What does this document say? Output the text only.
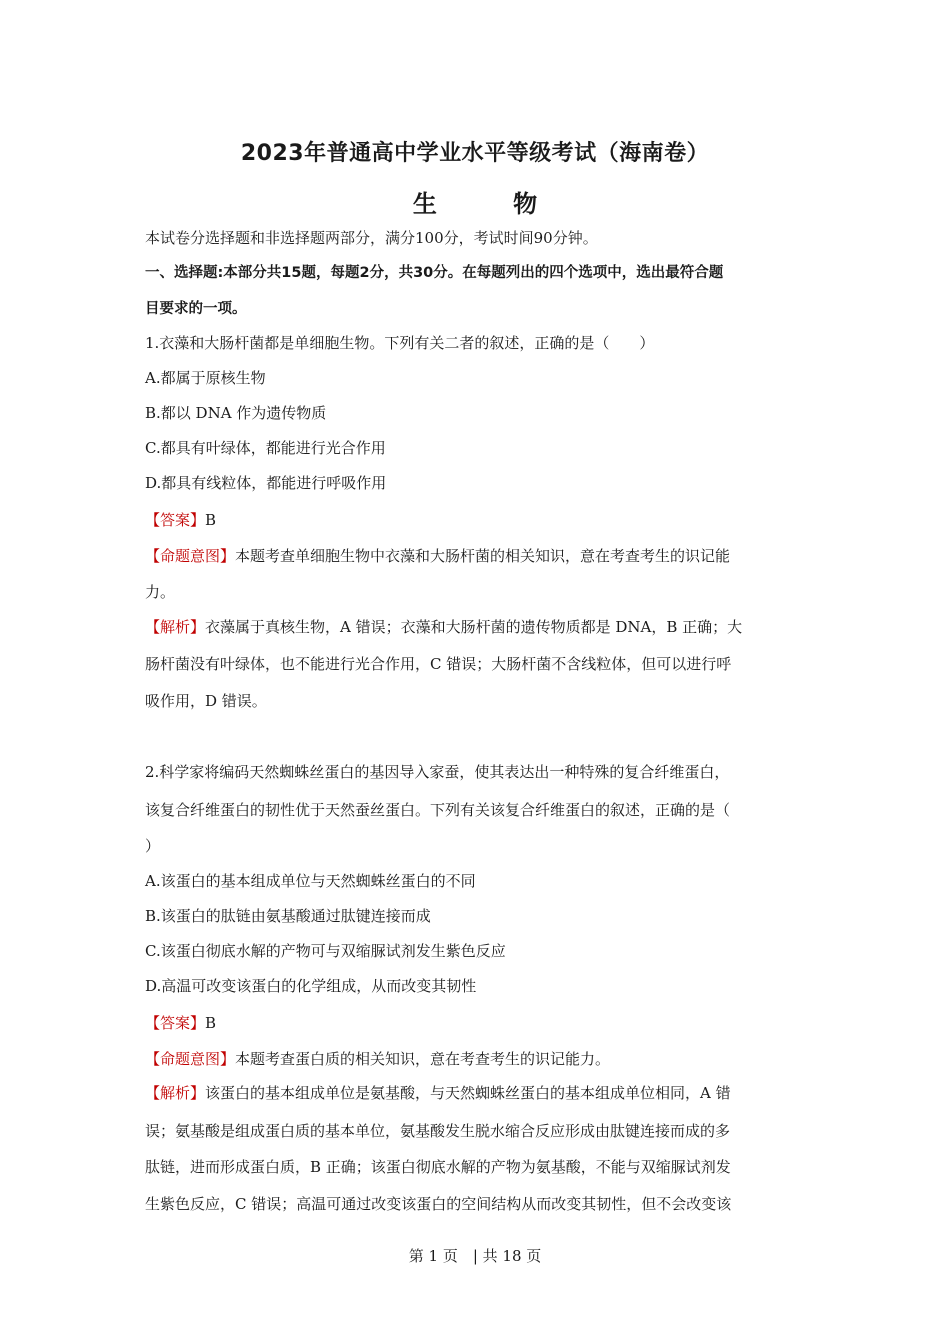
2023年普通高中学业水平等级考试（海南卷）
生 物
本试卷分选择题和非选择题两部分，满分100分，考试时间90分钟。
一、选择题:本部分共15题，每题2分，共30分。在每题列出的四个选项中，选出最符合题
目要求的一项。
1.衣藻和大肠杆菌都是单细胞生物。下列有关二者的叙述，正确的是（　　）
A.都属于原核生物
B.都以 DNA 作为遗传物质
C.都具有叶绿体，都能进行光合作用
D.都具有线粒体，都能进行呼吸作用
【答案】B
【命题意图】本题考查单细胞生物中衣藻和大肠杆菌的相关知识，意在考查考生的识记能
力。
【解析】衣藻属于真核生物，A 错误；衣藻和大肠杆菌的遗传物质都是 DNA，B 正确；大
肠杆菌没有叶绿体，也不能进行光合作用，C 错误；大肠杆菌不含线粒体，但可以进行呼
吸作用，D 错误。
2.科学家将编码天然蜘蛛丝蛋白的基因导入家蚕，使其表达出一种特殊的复合纤维蛋白，
该复合纤维蛋白的韧性优于天然蚕丝蛋白。下列有关该复合纤维蛋白的叙述，正确的是（
）
A.该蛋白的基本组成单位与天然蜘蛛丝蛋白的不同
B.该蛋白的肽链由氨基酸通过肽键连接而成
C.该蛋白彻底水解的产物可与双缩脲试剂发生紫色反应
D.高温可改变该蛋白的化学组成，从而改变其韧性
【答案】B
【命题意图】本题考查蛋白质的相关知识，意在考查考生的识记能力。
【解析】该蛋白的基本组成单位是氨基酸，与天然蜘蛛丝蛋白的基本组成单位相同，A 错
误；氨基酸是组成蛋白质的基本单位，氨基酸发生脱水缩合反应形成由肽键连接而成的多
肽链，进而形成蛋白质，B 正确；该蛋白彻底水解的产物为氨基酸，不能与双缩脲试剂发
生紫色反应，C 错误；高温可通过改变该蛋白的空间结构从而改变其韧性，但不会改变该
第 1 页　| 共 18 页
